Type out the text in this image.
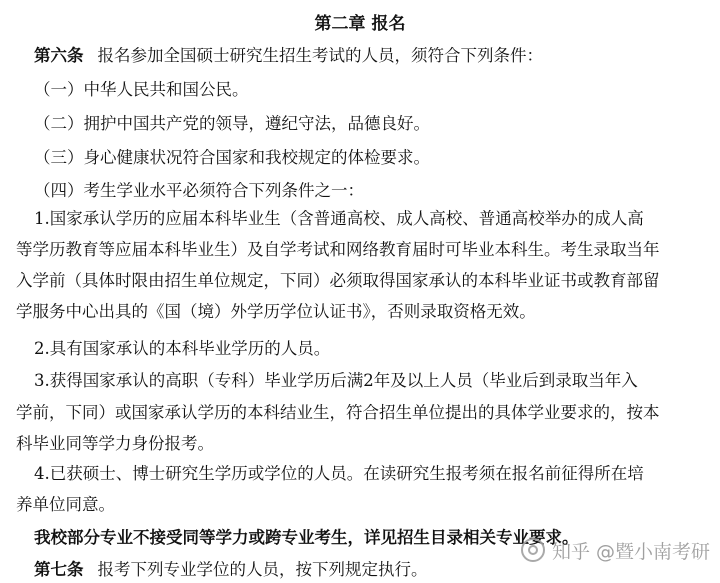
第二章 报名
第六条 报名参加全国硕士研究生招生考试的人员，须符合下列条件：
（一）中华人民共和国公民。
（二）拥护中国共产党的领导，遵纪守法，品德良好。
（三）身心健康状况符合国家和我校规定的体检要求。
（四）考生学业水平必须符合下列条件之一：
1.国家承认学历的应届本科毕业生（含普通高校、成人高校、普通高校举办的成人高
等学历教育等应届本科毕业生）及自学考试和网络教育届时可毕业本科生。考生录取当年
入学前（具体时限由招生单位规定，下同）必须取得国家承认的本科毕业证书或教育部留
学服务中心出具的《国（境）外学历学位认证书》，否则录取资格无效。
2.具有国家承认的本科毕业学历的人员。
3.获得国家承认的高职（专科）毕业学历后满2年及以上人员（毕业后到录取当年入
学前，下同）或国家承认学历的本科结业生，符合招生单位提出的具体学业要求的，按本
科毕业同等学力身份报考。
4.已获硕士、博士研究生学历或学位的人员。在读研究生报考须在报名前征得所在培
养单位同意。
我校部分专业不接受同等学力或跨专业考生，详见招生目录相关专业要求。
第七条 报考下列专业学位的人员，按下列规定执行。
知乎 @暨小南考研
